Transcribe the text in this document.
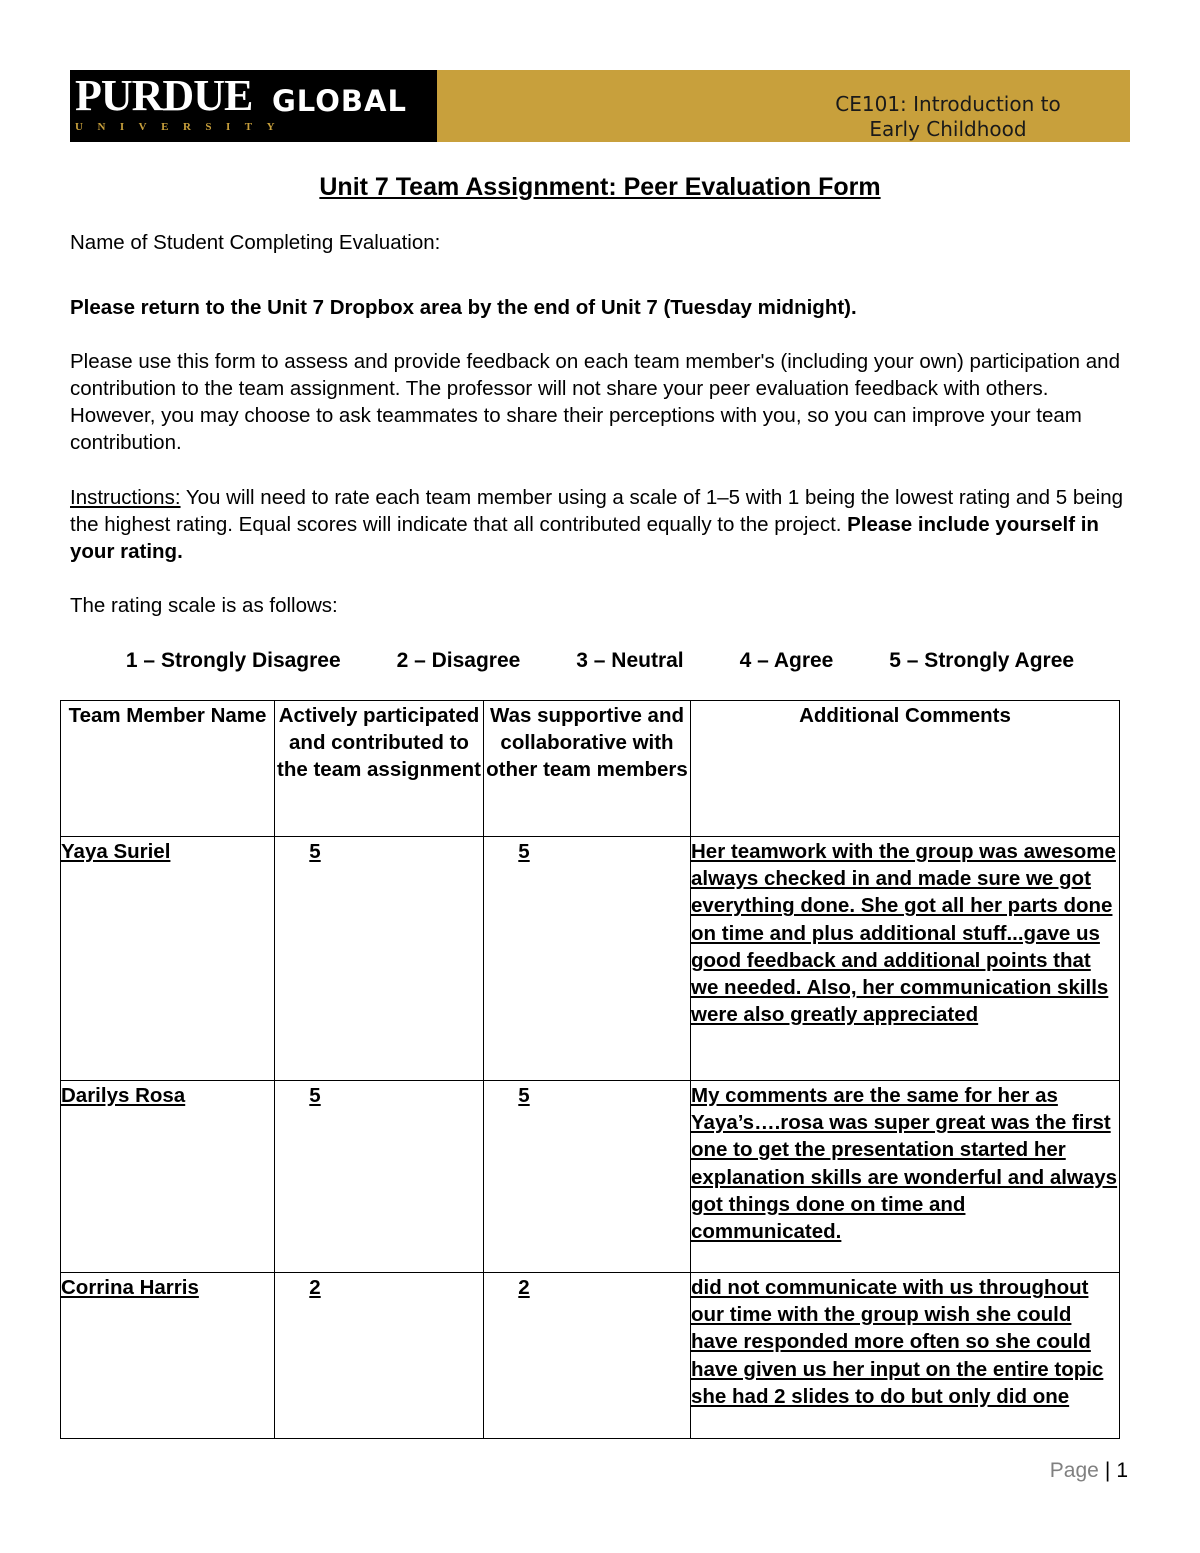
PURDUE GLOBAL
UNIVERSITY
CE101: Introduction to
Early Childhood
Unit 7 Team Assignment: Peer Evaluation Form

Name of Student Completing Evaluation:

Please return to the Unit 7 Dropbox area by the end of Unit 7 (Tuesday midnight).

Please use this form to assess and provide feedback on each team member's (including your own) participation and contribution to the team assignment. The professor will not share your peer evaluation feedback with others. However, you may choose to ask teammates to share their perceptions with you, so you can improve your team contribution.

Instructions: You will need to rate each team member using a scale of 1–5 with 1 being the lowest rating and 5 being the highest rating. Equal scores will indicate that all contributed equally to the project. Please include yourself in your rating.

The rating scale is as follows:

1 – Strongly Disagree	2 – Disagree	3 – Neutral	4 – Agree	5 – Strongly Agree
Team Member Name	Actively participated and contributed to the team assignment	Was supportive and collaborative with other team members	Additional Comments
Yaya Suriel	5	5	Her teamwork with the group was awesome always checked in and made sure we got everything done. She got all her parts done on time and plus additional stuff...gave us good feedback and additional points that we needed. Also, her communication skills were also greatly appreciated
Darilys Rosa	5	5	My comments are the same for her as Yaya’s….rosa was super great was the first one to get the presentation started her explanation skills are wonderful and always got things done on time and communicated.
Corrina Harris	2	2	did not communicate with us throughout our time with the group wish she could have responded more often so she could have given us her input on the entire topic she had 2 slides to do but only did one
Page | 1
